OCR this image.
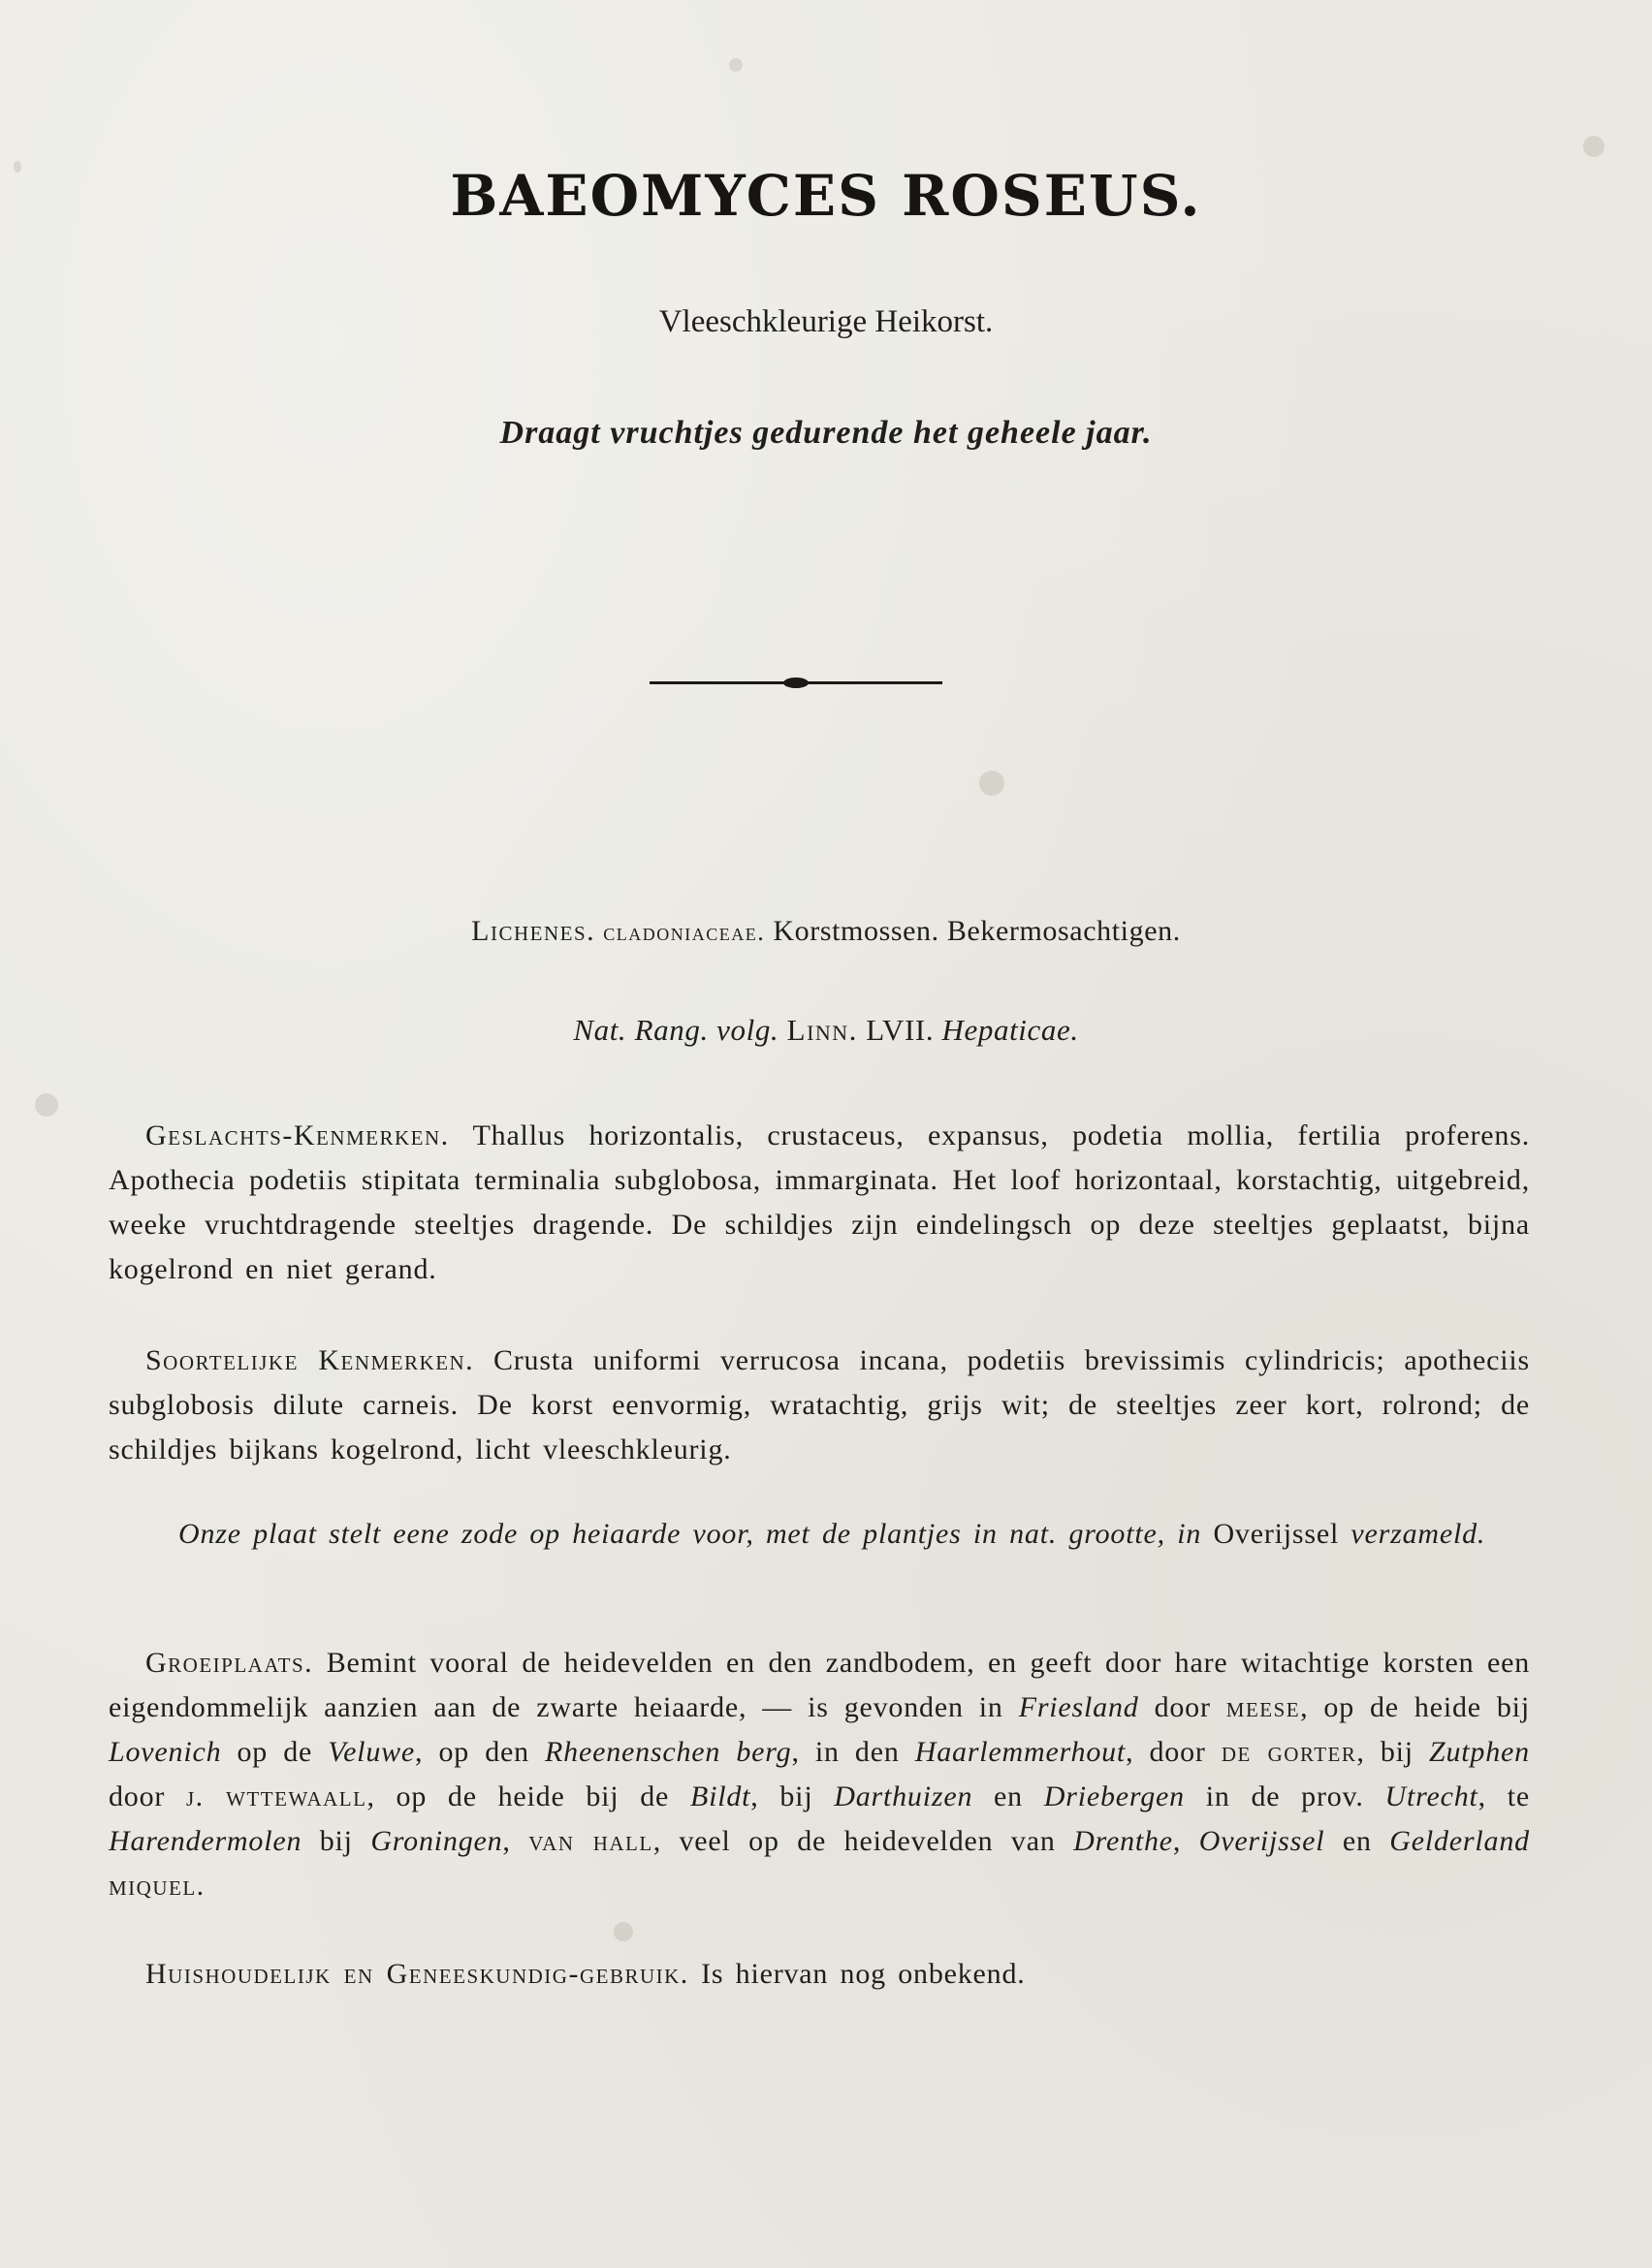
BAEOMYCES ROSEUS.
Vleeschkleurige Heikorst.
Draagt vruchtjes gedurende het geheele jaar.
Lichenes. cladoniaceae. Korstmossen. Bekermosachtigen.
Nat. Rang. volg. Linn. LVII. Hepaticae.
Geslachts-Kenmerken. Thallus horizontalis, crustaceus, expansus, podetia mollia, fertilia proferens. Apothecia podetiis stipitata terminalia subglobosa, immarginata. Het loof horizontaal, korstachtig, uitgebreid, weeke vruchtdragende steeltjes dragende. De schildjes zijn eindelingsch op deze steeltjes geplaatst, bijna kogelrond en niet gerand.
Soortelijke Kenmerken. Crusta uniformi verrucosa incana, podetiis brevissimis cylindricis; apotheciis subglobosis dilute carneis. De korst eenvormig, wratachtig, grijs wit; de steeltjes zeer kort, rolrond; de schildjes bijkans kogelrond, licht vleeschkleurig.
Onze plaat stelt eene zode op heiaarde voor, met de plantjes in nat. grootte, in Overijssel verzameld.
Groeiplaats. Bemint vooral de heidevelden en den zandbodem, en geeft door hare witachtige korsten een eigendommelijk aanzien aan de zwarte heiaarde, — is gevonden in Friesland door meese, op de heide bij Lovenich op de Veluwe, op den Rheenenschen berg, in den Haarlemmerhout, door de gorter, bij Zutphen door j. wttewaall, op de heide bij de Bildt, bij Darthuizen en Driebergen in de prov. Utrecht, te Harendermolen bij Groningen, van hall, veel op de heidevelden van Drenthe, Overijssel en Gelderland miquel.
Huishoudelijk en Geneeskundig-gebruik. Is hiervan nog onbekend.
